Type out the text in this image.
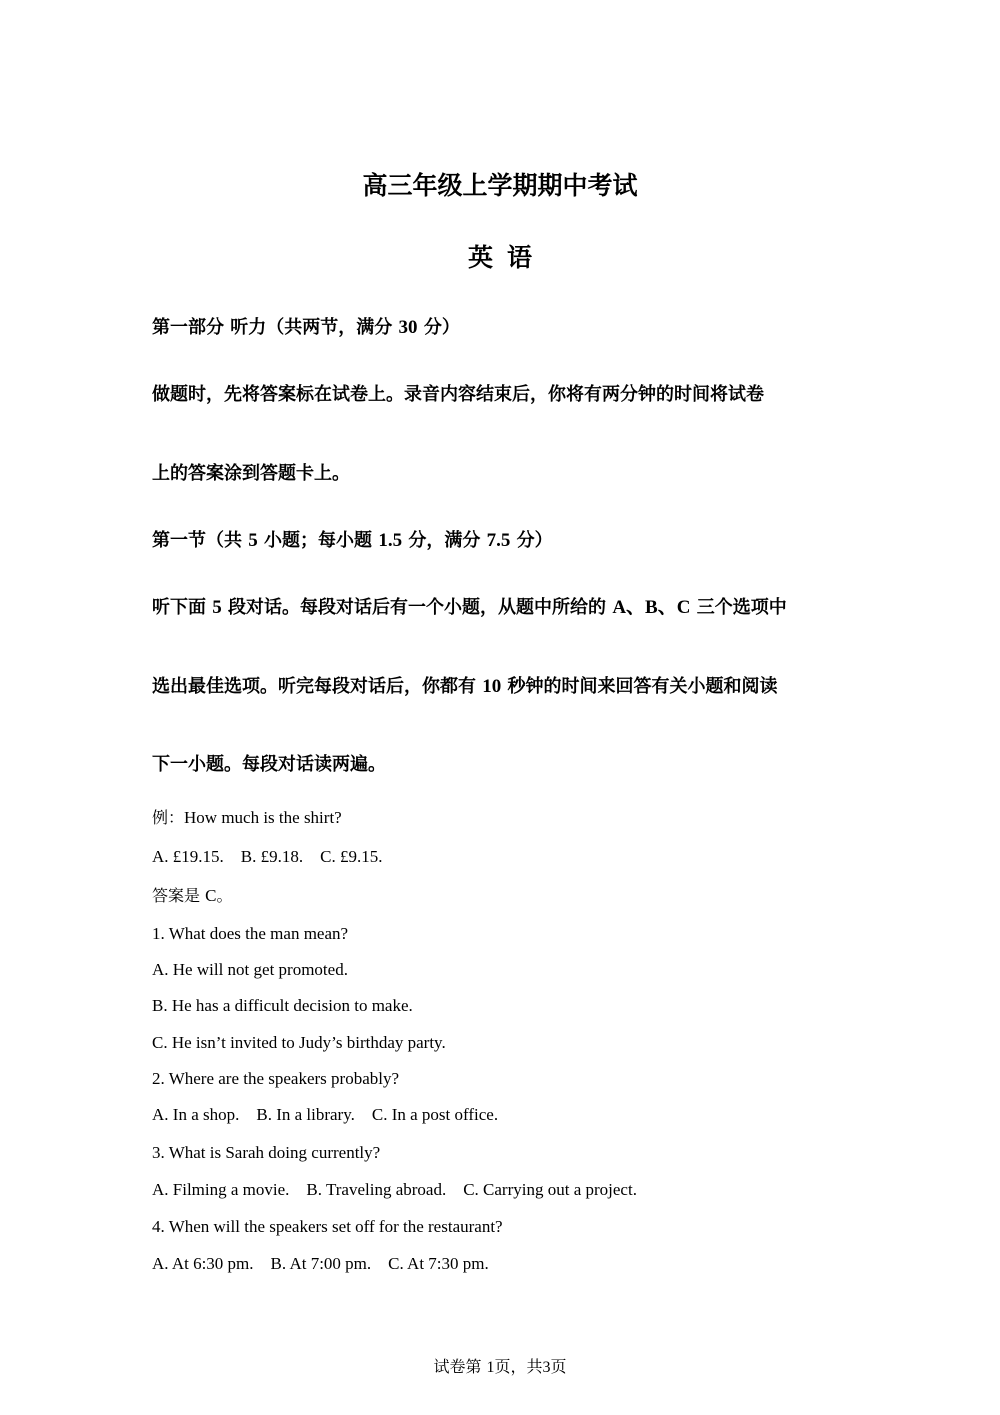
高三年级上学期期中考试
英语
第一部分 听力（共两节，满分 30 分）
做题时，先将答案标在试卷上。录音内容结束后，你将有两分钟的时间将试卷
上的答案涂到答题卡上。
第一节（共 5 小题；每小题 1.5 分，满分 7.5 分）
听下面 5 段对话。每段对话后有一个小题，从题中所给的 A、B、C 三个选项中
选出最佳选项。听完每段对话后，你都有 10 秒钟的时间来回答有关小题和阅读
下一小题。每段对话读两遍。
例：How much is the shirt?
A. £19.15. B. £9.18. C. £9.15.
答案是 C。
1. What does the man mean?
A. He will not get promoted.
B. He has a difficult decision to make.
C. He isn’t invited to Judy’s birthday party.
2. Where are the speakers probably?
A. In a shop. B. In a library. C. In a post office.
3. What is Sarah doing currently?
A. Filming a movie. B. Traveling abroad. C. Carrying out a project.
4. When will the speakers set off for the restaurant?
A. At 6:30 pm. B. At 7:00 pm. C. At 7:30 pm.
试卷第 1页，共3页
